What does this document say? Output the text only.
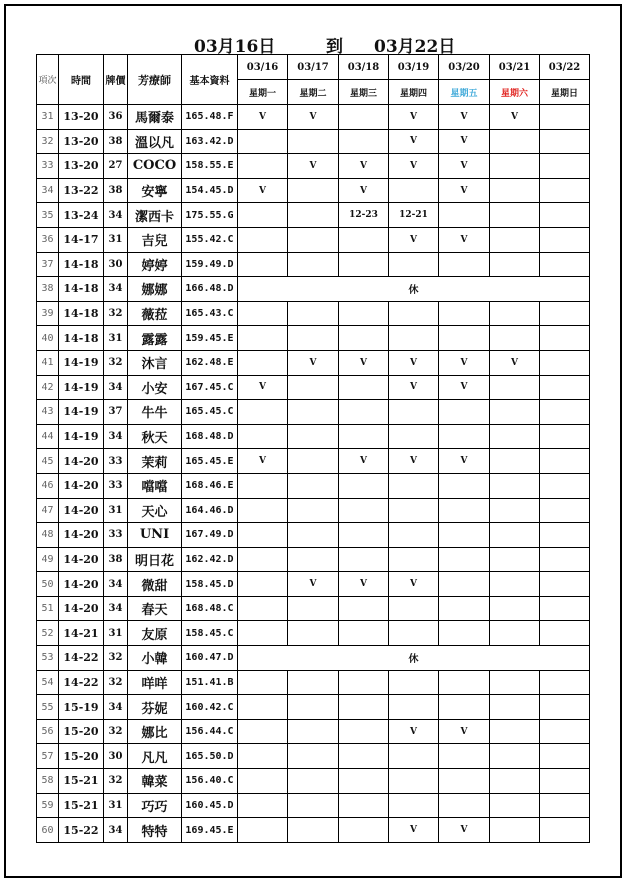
03月16日	到 03月22日
項次	時間	牌價	芳療師	基本資料	03/16	03/17	03/18	03/19	03/20	03/21	03/22
					星期一	星期二	星期三	星期四	星期五	星期六	星期日
31	13-20	36	馬爾泰	165.48.F	V	V		V	V	V	
32	13-20	38	溫以凡	163.42.D				V	V		
33	13-20	27	COCO	158.55.E		V	V	V	V		
34	13-22	38	安寧	154.45.D	V		V		V		
35	13-24	34	潔西卡	175.55.G			12-23	12-21			
36	14-17	31	吉兒	155.42.C				V	V		
37	14-18	30	婷婷	159.49.D							
38	14-18	34	娜娜	166.48.D	休						
39	14-18	32	薇菈	165.43.C							
40	14-18	31	露露	159.45.E							
41	14-19	32	沐言	162.48.E		V	V	V	V	V	
42	14-19	34	小安	167.45.C	V			V	V		
43	14-19	37	牛牛	165.45.C							
44	14-19	34	秋天	168.48.D							
45	14-20	33	茉莉	165.45.E	V		V	V	V		
46	14-20	33	噹噹	168.46.E							
47	14-20	31	天心	164.46.D							
48	14-20	33	UNI	167.49.D							
49	14-20	38	明日花	162.42.D							
50	14-20	34	微甜	158.45.D		V	V	V			
51	14-20	34	春天	168.48.C							
52	14-21	31	友原	158.45.C							
53	14-22	32	小韓	160.47.D	休						
54	14-22	32	咩咩	151.41.B							
55	15-19	34	芬妮	160.42.C							
56	15-20	32	娜比	156.44.C				V	V		
57	15-20	30	凡凡	165.50.D							
58	15-21	32	韓菜	156.40.C							
59	15-21	31	巧巧	160.45.D							
60	15-22	34	特特	169.45.E				V	V		
